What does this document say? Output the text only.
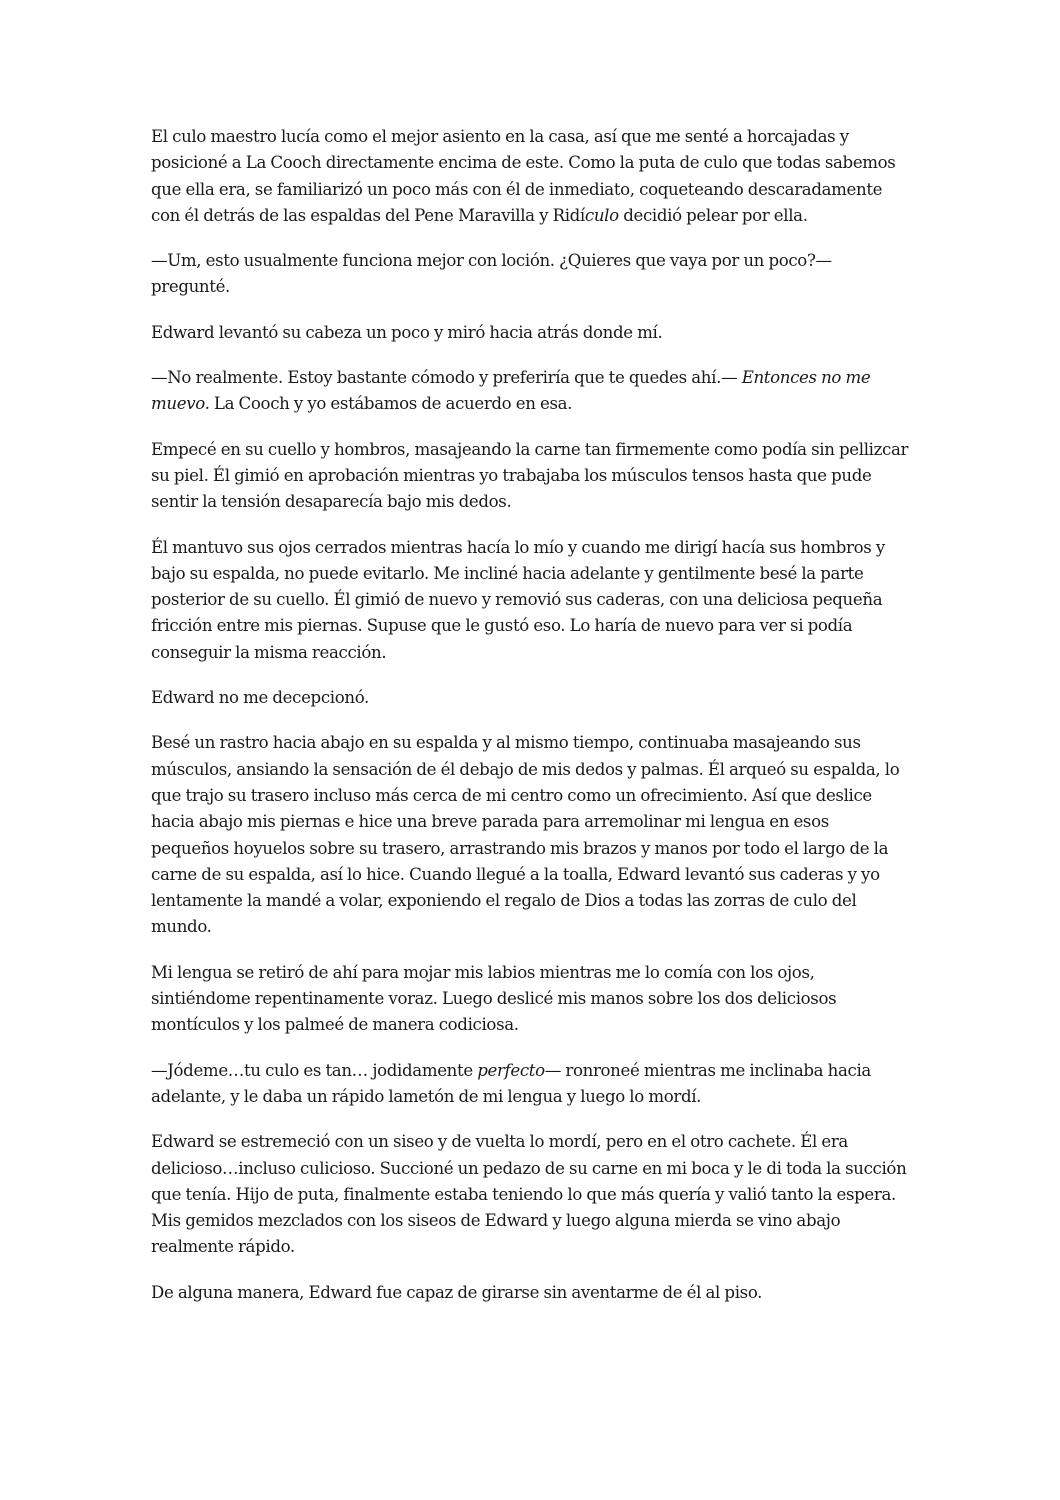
El culo maestro lucía como el mejor asiento en la casa, así que me senté a horcajadas y posicioné a La Cooch directamente encima de este. Como la puta de culo que todas sabemos que ella era, se familiarizó un poco más con él de inmediato, coqueteando descaradamente con él detrás de las espaldas del Pene Maravilla y Ridículo decidió pelear por ella.

—Um, esto usualmente funciona mejor con loción. ¿Quieres que vaya por un poco?— pregunté.

Edward levantó su cabeza un poco y miró hacia atrás donde mí.

—No realmente. Estoy bastante cómodo y preferiría que te quedes ahí.— Entonces no me muevo. La Cooch y yo estábamos de acuerdo en esa.

Empecé en su cuello y hombros, masajeando la carne tan firmemente como podía sin pellizcar su piel. Él gimió en aprobación mientras yo trabajaba los músculos tensos hasta que pude sentir la tensión desaparecía bajo mis dedos.

Él mantuvo sus ojos cerrados mientras hacía lo mío y cuando me dirigí hacía sus hombros y bajo su espalda, no puede evitarlo. Me incliné hacia adelante y gentilmente besé la parte posterior de su cuello. Él gimió de nuevo y removió sus caderas, con una deliciosa pequeña fricción entre mis piernas. Supuse que le gustó eso. Lo haría de nuevo para ver si podía conseguir la misma reacción.

Edward no me decepcionó.

Besé un rastro hacia abajo en su espalda y al mismo tiempo, continuaba masajeando sus músculos, ansiando la sensación de él debajo de mis dedos y palmas. Él arqueó su espalda, lo que trajo su trasero incluso más cerca de mi centro como un ofrecimiento. Así que deslice hacia abajo mis piernas e hice una breve parada para arremolinar mi lengua en esos pequeños hoyuelos sobre su trasero, arrastrando mis brazos y manos por todo el largo de la carne de su espalda, así lo hice. Cuando llegué a la toalla, Edward levantó sus caderas y yo lentamente la mandé a volar, exponiendo el regalo de Dios a todas las zorras de culo del mundo.

Mi lengua se retiró de ahí para mojar mis labios mientras me lo comía con los ojos, sintiéndome repentinamente voraz. Luego deslicé mis manos sobre los dos deliciosos montículos y los palmeé de manera codiciosa.

—Jódeme…tu culo es tan… jodidamente perfecto— ronroneé mientras me inclinaba hacia adelante, y le daba un rápido lametón de mi lengua y luego lo mordí.

Edward se estremeció con un siseo y de vuelta lo mordí, pero en el otro cachete. Él era delicioso…incluso culicioso. Succioné un pedazo de su carne en mi boca y le di toda la succión que tenía. Hijo de puta, finalmente estaba teniendo lo que más quería y valió tanto la espera. Mis gemidos mezclados con los siseos de Edward y luego alguna mierda se vino abajo realmente rápido.

De alguna manera, Edward fue capaz de girarse sin aventarme de él al piso.
